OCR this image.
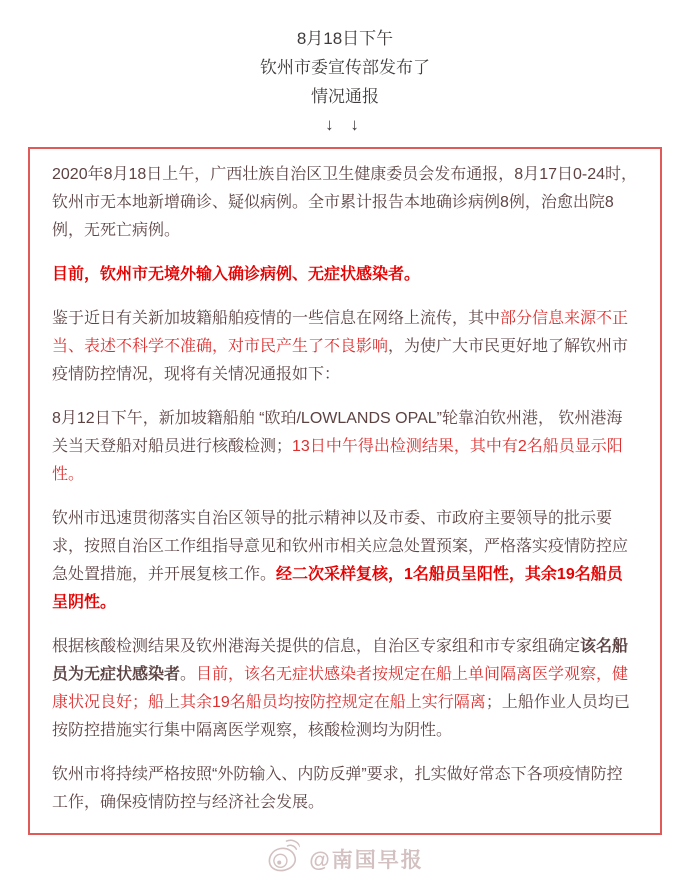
8月18日下午
钦州市委宣传部发布了
情况通报
↓ ↓

2020年8月18日上午，广西壮族自治区卫生健康委员会发布通报，8月17日0-24时，钦州市无本地新增确诊、疑似病例。全市累计报告本地确诊病例8例，治愈出院8例，无死亡病例。

目前，钦州市无境外输入确诊病例、无症状感染者。

鉴于近日有关新加坡籍船舶疫情的一些信息在网络上流传，其中部分信息来源不正当、表述不科学不准确，对市民产生了不良影响，为使广大市民更好地了解钦州市疫情防控情况，现将有关情况通报如下：

8月12日下午，新加坡籍船舶 “欧珀/LOWLANDS OPAL”轮靠泊钦州港， 钦州港海关当天登船对船员进行核酸检测；13日中午得出检测结果，其中有2名船员显示阳性。

钦州市迅速贯彻落实自治区领导的批示精神以及市委、市政府主要领导的批示要求，按照自治区工作组指导意见和钦州市相关应急处置预案，严格落实疫情防控应急处置措施，并开展复核工作。经二次采样复核，1名船员呈阳性，其余19名船员呈阴性。

根据核酸检测结果及钦州港海关提供的信息，自治区专家组和市专家组确定该名船员为无症状感染者。目前，该名无症状感染者按规定在船上单间隔离医学观察，健康状况良好；船上其余19名船员均按防控规定在船上实行隔离；上船作业人员均已按防控措施实行集中隔离医学观察，核酸检测均为阴性。

钦州市将持续严格按照“外防输入、内防反弹”要求，扎实做好常态下各项疫情防控工作，确保疫情防控与经济社会发展。

@南国早报
